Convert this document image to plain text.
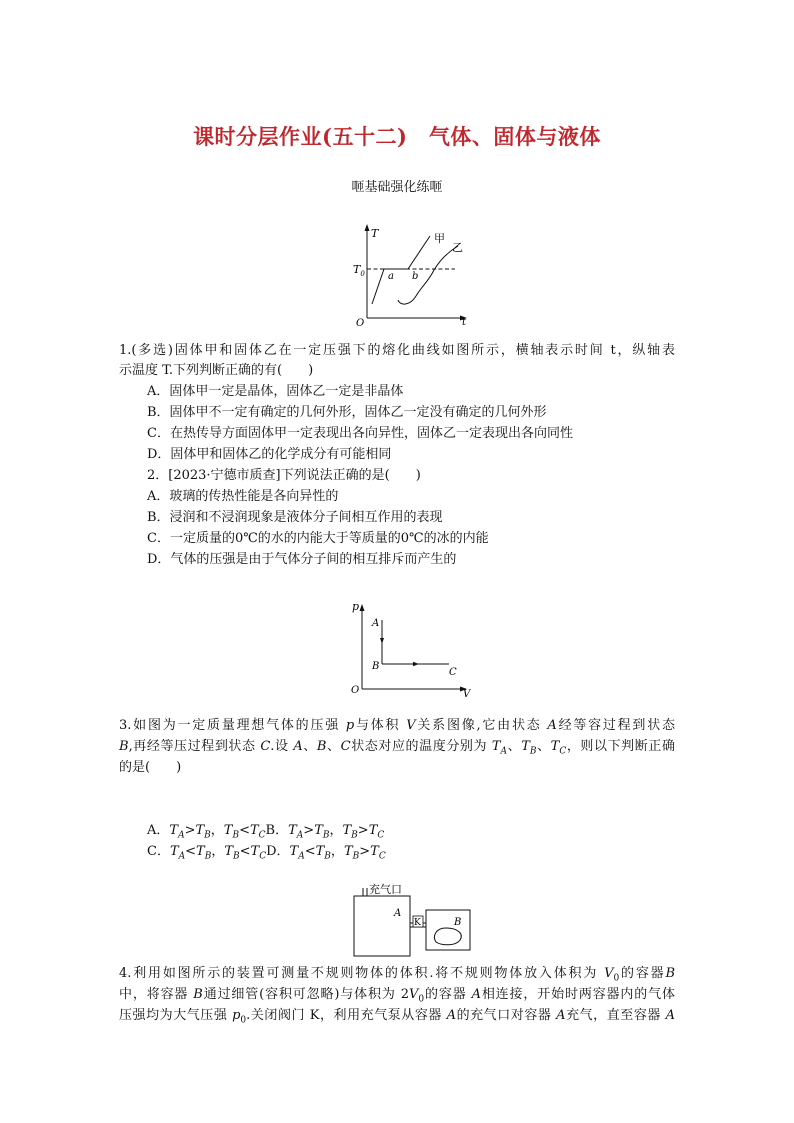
课时分层作业(五十二)　气体、固体与液体
咂基础强化练咂
T
t
O
$T_0$ a b
甲
乙
1.(多选)固体甲和固体乙在一定压强下的熔化曲线如图所示，横轴表示时间 t，纵轴表
示温度 T.下列判断正确的有(　　)
A．固体甲一定是晶体，固体乙一定是非晶体
B．固体甲不一定有确定的几何外形，固体乙一定没有确定的几何外形
C．在热传导方面固体甲一定表现出各向异性，固体乙一定表现出各向同性
D．固体甲和固体乙的化学成分有可能相同
2．[2023·宁德市质查]下列说法正确的是(　　)
A．玻璃的传热性能是各向异性的
B．浸润和不浸润现象是液体分子间相互作用的表现
C．一定质量的0℃的水的内能大于等质量的0℃的冰的内能
D．气体的压强是由于气体分子间的相互排斥而产生的
p
V
O
A
B
C
3.如图为一定质量理想气体的压强 p与体积 V关系图像,它由状态 A经等容过程到状态
B,再经等压过程到状态 C.设 A、B、C状态对应的温度分别为 $T_A$、$T_B$、$T_C$，则以下判断正确
的是(　　)
A．$T_A>T_B$，$T_B<T_CB$．$T_A>T_B$，$T_B>T_C$
C．$T_A<T_B$，$T_B<T_CD$．$T_A<T_B$，$T_B>T_C$
充气口
A
K	B
4.利用如图所示的装置可测量不规则物体的体积.将不规则物体放入体积为 $V_0$的容器B
中，将容器 B通过细管(容积可忽略)与体积为 $2V_0$的容器 A相连接，开始时两容器内的气体
压强均为大气压强 $p_0$.关闭阀门 K，利用充气泵从容器 A的充气口对容器 A充气，直至容器 A
